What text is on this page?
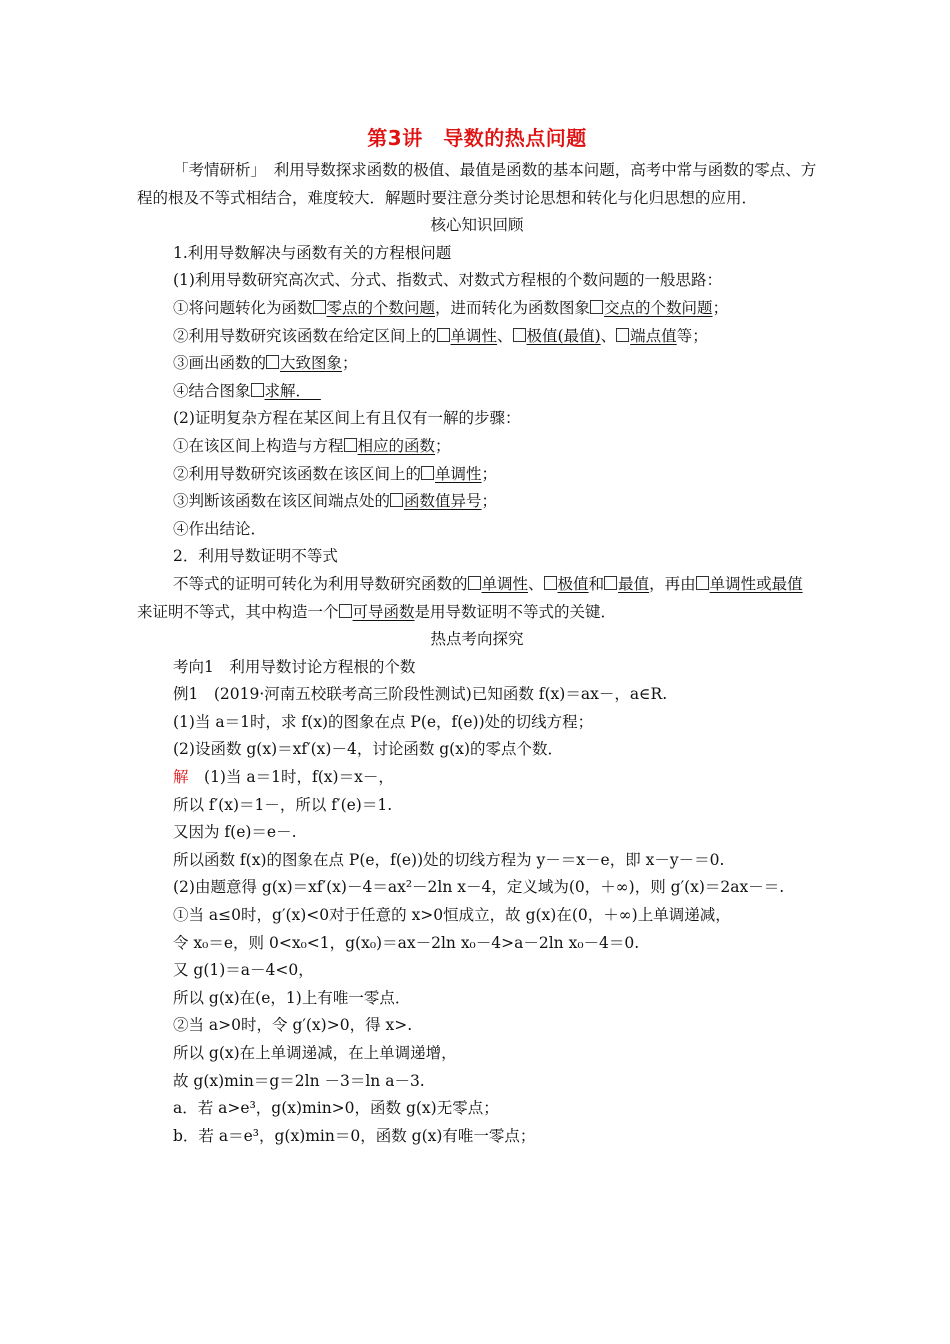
第3讲　导数的热点问题

「考情研析」　利用导数探求函数的极值、最值是函数的基本问题，高考中常与函数的零点、方程的根及不等式相结合，难度较大．解题时要注意分类讨论思想和转化与化归思想的应用．

核心知识回顾

1.利用导数解决与函数有关的方程根问题

(1)利用导数研究高次式、分式、指数式、对数式方程根的个数问题的一般思路：

①将问题转化为函数 零点的个数问题，进而转化为函数图象 交点的个数问题；

②利用导数研究该函数在给定区间上的 单调性、 极值(最值)、 端点值等；

③画出函数的 大致图象；

④结合图象 求解．

(2)证明复杂方程在某区间上有且仅有一解的步骤：

①在该区间上构造与方程 相应的函数；

②利用导数研究该函数在该区间上的 单调性；

③判断该函数在该区间端点处的 函数值异号；

④作出结论．

2．利用导数证明不等式

不等式的证明可转化为利用导数研究函数的 单调性、 极值和 最值，再由 单调性或最值来证明不等式，其中构造一个 可导函数是用导数证明不等式的关键．

热点考向探究

考向1　利用导数讨论方程根的个数

例1　(2019·河南五校联考高三阶段性测试)已知函数 f(x)＝ax－，a∈R.

(1)当 a＝1时，求 f(x)的图象在点 P(e，f(e))处的切线方程；

(2)设函数 g(x)＝xf′(x)－4，讨论函数 g(x)的零点个数．

解　(1)当 a＝1时，f(x)＝x－，

所以 f′(x)＝1－，所以 f′(e)＝1.

又因为 f(e)＝e－.

所以函数 f(x)的图象在点 P(e，f(e))处的切线方程为 y－＝x－e，即 x－y－＝0.

(2)由题意得 g(x)＝xf′(x)－4＝ax²－2ln x－4，定义域为(0，＋∞)，则 g′(x)＝2ax－＝.

①当 a≤0时，g′(x)<0对于任意的 x>0恒成立，故 g(x)在(0，＋∞)上单调递减，

令 x₀＝e，则 0<x₀<1，g(x₀)＝ax－2ln x₀－4>a－2ln x₀－4＝0.

又 g(1)＝a－4<0，

所以 g(x)在(e，1)上有唯一零点．

②当 a>0时，令 g′(x)>0，得 x>.

所以 g(x)在上单调递减，在上单调递增，

故 g(x)min＝g＝2ln －3＝ln a－3.

a．若 a>e³，g(x)min>0，函数 g(x)无零点；

b．若 a＝e³，g(x)min＝0，函数 g(x)有唯一零点；
